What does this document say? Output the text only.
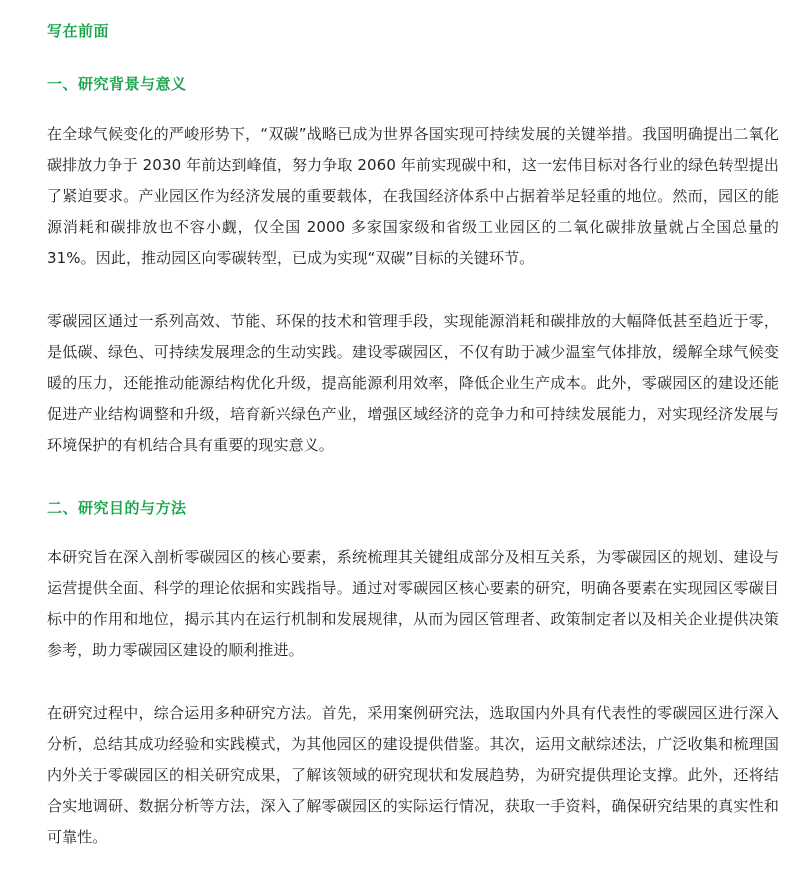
写在前面
一、研究背景与意义

在全球气候变化的严峻形势下，“双碳”战略已成为世界各国实现可持续发展的关键举措。我国明确提出二氧化碳排放力争于 2030 年前达到峰值，努力争取 2060 年前实现碳中和，这一宏伟目标对各行业的绿色转型提出了紧迫要求。产业园区作为经济发展的重要载体，在我国经济体系中占据着举足轻重的地位。然而，园区的能源消耗和碳排放也不容小觑，仅全国 2000 多家国家级和省级工业园区的二氧化碳排放量就占全国总量的 31%。因此，推动园区向零碳转型，已成为实现“双碳”目标的关键环节。

零碳园区通过一系列高效、节能、环保的技术和管理手段，实现能源消耗和碳排放的大幅降低甚至趋近于零，是低碳、绿色、可持续发展理念的生动实践。建设零碳园区，不仅有助于减少温室气体排放，缓解全球气候变暖的压力，还能推动能源结构优化升级，提高能源利用效率，降低企业生产成本。此外，零碳园区的建设还能促进产业结构调整和升级，培育新兴绿色产业，增强区域经济的竞争力和可持续发展能力，对实现经济发展与环境保护的有机结合具有重要的现实意义。

二、研究目的与方法

本研究旨在深入剖析零碳园区的核心要素，系统梳理其关键组成部分及相互关系，为零碳园区的规划、建设与运营提供全面、科学的理论依据和实践指导。通过对零碳园区核心要素的研究，明确各要素在实现园区零碳目标中的作用和地位，揭示其内在运行机制和发展规律，从而为园区管理者、政策制定者以及相关企业提供决策参考，助力零碳园区建设的顺利推进。

在研究过程中，综合运用多种研究方法。首先，采用案例研究法，选取国内外具有代表性的零碳园区进行深入分析，总结其成功经验和实践模式，为其他园区的建设提供借鉴。其次，运用文献综述法，广泛收集和梳理国内外关于零碳园区的相关研究成果，了解该领域的研究现状和发展趋势，为研究提供理论支撑。此外，还将结合实地调研、数据分析等方法，深入了解零碳园区的实际运行情况，获取一手资料，确保研究结果的真实性和可靠性。
